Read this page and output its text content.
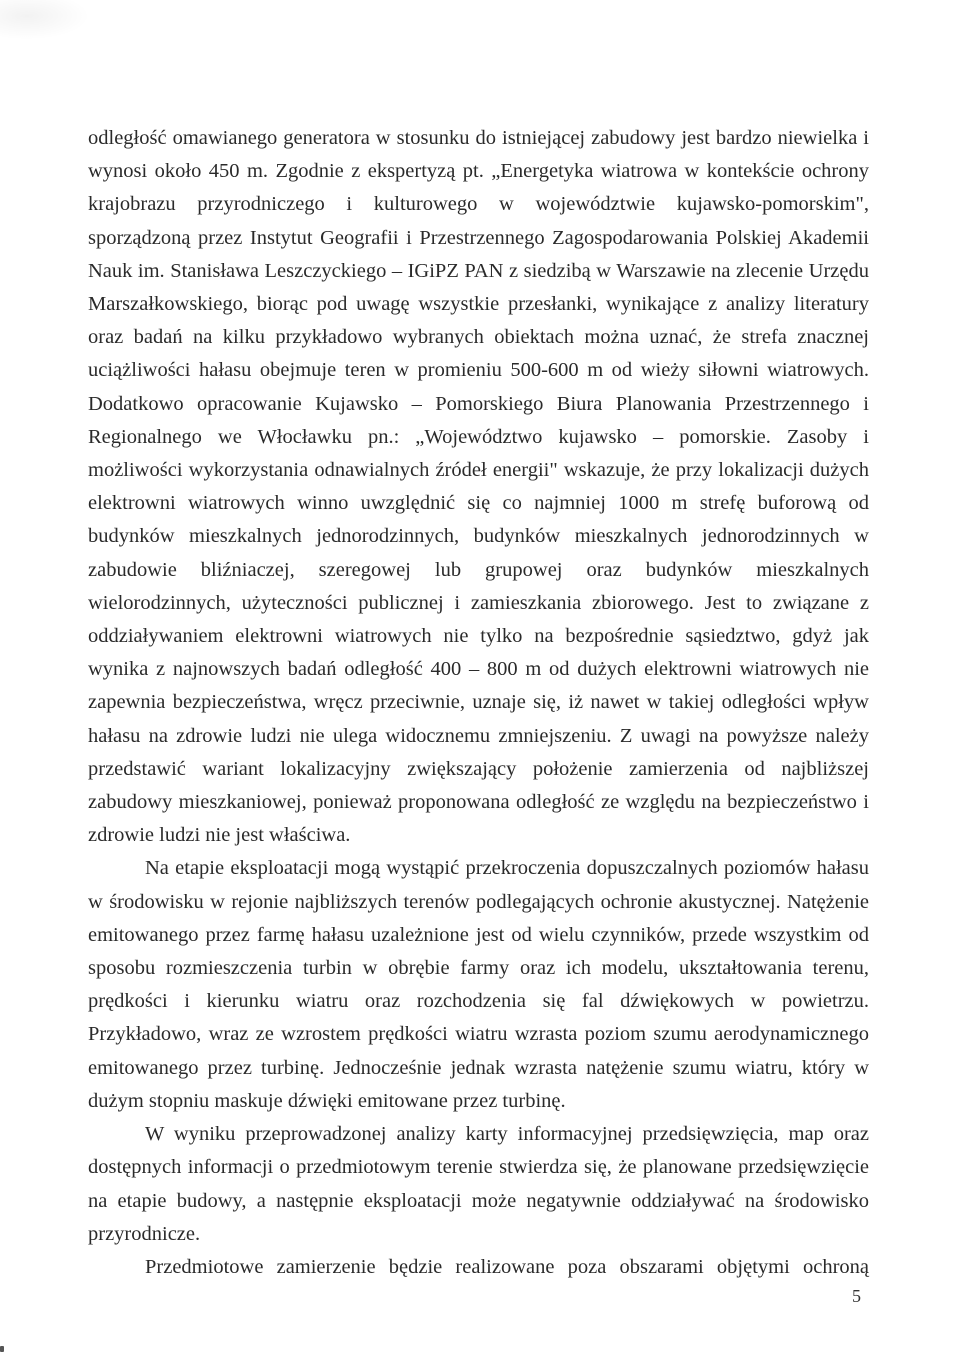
odległość omawianego generatora w stosunku do istniejącej zabudowy jest bardzo niewielka i wynosi około 450 m. Zgodnie z ekspertyzą pt. „Energetyka wiatrowa w kontekście ochrony krajobrazu przyrodniczego i kulturowego w województwie kujawsko-pomorskim", sporządzoną przez Instytut Geografii i Przestrzennego Zagospodarowania Polskiej Akademii Nauk im. Stanisława Leszczyckiego – IGiPZ PAN z siedzibą w Warszawie na zlecenie Urzędu Marszałkowskiego, biorąc pod uwagę wszystkie przesłanki, wynikające z analizy literatury oraz badań na kilku przykładowo wybranych obiektach można uznać, że strefa znacznej uciążliwości hałasu obejmuje teren w promieniu 500-600 m od wieży siłowni wiatrowych. Dodatkowo opracowanie Kujawsko – Pomorskiego Biura Planowania Przestrzennego i Regionalnego we Włocławku pn.: „Województwo kujawsko – pomorskie. Zasoby i możliwości wykorzystania odnawialnych źródeł energii" wskazuje, że przy lokalizacji dużych elektrowni wiatrowych winno uwzględnić się co najmniej 1000 m strefę buforową od budynków mieszkalnych jednorodzinnych, budynków mieszkalnych jednorodzinnych w zabudowie bliźniaczej, szeregowej lub grupowej oraz budynków mieszkalnych wielorodzinnych, użyteczności publicznej i zamieszkania zbiorowego. Jest to związane z oddziaływaniem elektrowni wiatrowych nie tylko na bezpośrednie sąsiedztwo, gdyż jak wynika z najnowszych badań odległość 400 – 800 m od dużych elektrowni wiatrowych nie zapewnia bezpieczeństwa, wręcz przeciwnie, uznaje się, iż nawet w takiej odległości wpływ hałasu na zdrowie ludzi nie ulega widocznemu zmniejszeniu. Z uwagi na powyższe należy przedstawić wariant lokalizacyjny zwiększający położenie zamierzenia od najbliższej zabudowy mieszkaniowej, ponieważ proponowana odległość ze względu na bezpieczeństwo i zdrowie ludzi nie jest właściwa.

Na etapie eksploatacji mogą wystąpić przekroczenia dopuszczalnych poziomów hałasu w środowisku w rejonie najbliższych terenów podlegających ochronie akustycznej. Natężenie emitowanego przez farmę hałasu uzależnione jest od wielu czynników, przede wszystkim od sposobu rozmieszczenia turbin w obrębie farmy oraz ich modelu, ukształtowania terenu, prędkości i kierunku wiatru oraz rozchodzenia się fal dźwiękowych w powietrzu. Przykładowo, wraz ze wzrostem prędkości wiatru wzrasta poziom szumu aerodynamicznego emitowanego przez turbinę. Jednocześnie jednak wzrasta natężenie szumu wiatru, który w dużym stopniu maskuje dźwięki emitowane przez turbinę.

W wyniku przeprowadzonej analizy karty informacyjnej przedsięwzięcia, map oraz dostępnych informacji o przedmiotowym terenie stwierdza się, że planowane przedsięwzięcie na etapie budowy, a następnie eksploatacji może negatywnie oddziaływać na środowisko przyrodnicze.

Przedmiotowe zamierzenie będzie realizowane poza obszarami objętymi ochroną

5
